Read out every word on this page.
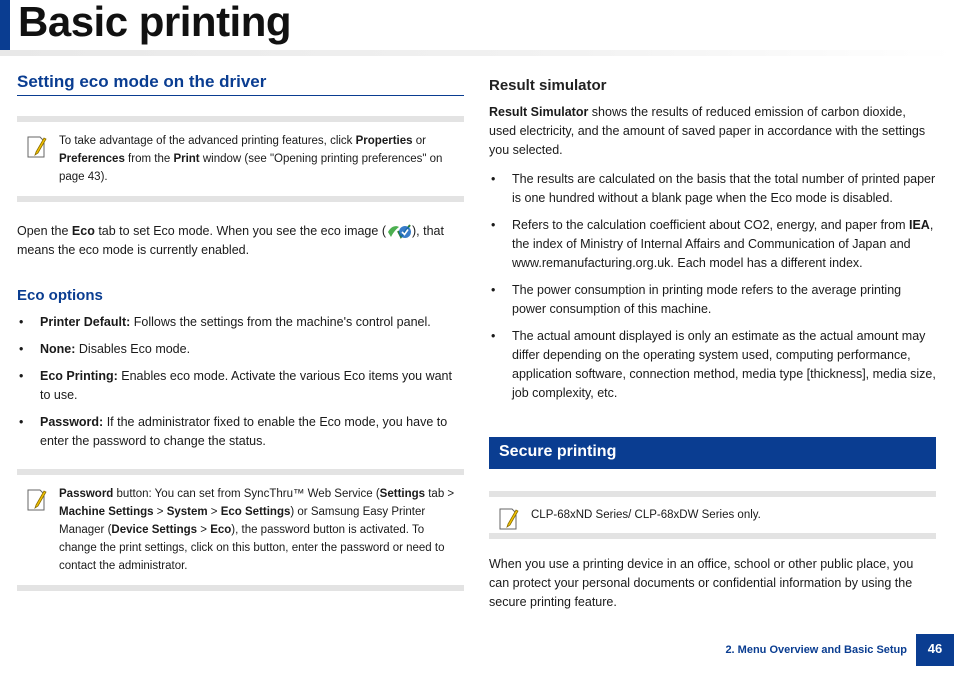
Basic printing
Setting eco mode on the driver
To take advantage of the advanced printing features, click Properties or Preferences from the Print window (see "Opening printing preferences" on page 43).

Open the Eco tab to set Eco mode. When you see the eco image ( ), that means the eco mode is currently enabled.

Eco options
• Printer Default: Follows the settings from the machine's control panel.
• None: Disables Eco mode.
• Eco Printing: Enables eco mode. Activate the various Eco items you want to use.
• Password: If the administrator fixed to enable the Eco mode, you have to enter the password to change the status.
Password button: You can set from SyncThru™ Web Service (Settings tab > Machine Settings > System > Eco Settings) or Samsung Easy Printer Manager (Device Settings > Eco), the password button is activated. To change the print settings, click on this button, enter the password or need to contact the administrator.
Result simulator

Result Simulator shows the results of reduced emission of carbon dioxide, used electricity, and the amount of saved paper in accordance with the settings you selected.

• The results are calculated on the basis that the total number of printed paper is one hundred without a blank page when the Eco mode is disabled.
• Refers to the calculation coefficient about CO2, energy, and paper from IEA, the index of Ministry of Internal Affairs and Communication of Japan and www.remanufacturing.org.uk. Each model has a different index.
• The power consumption in printing mode refers to the average printing power consumption of this machine.
• The actual amount displayed is only an estimate as the actual amount may differ depending on the operating system used, computing performance, application software, connection method, media type [thickness], media size, job complexity, etc.
Secure printing
CLP-68xND Series/ CLP-68xDW Series only.

When you use a printing device in an office, school or other public place, you can protect your personal documents or confidential information by using the secure printing feature.

2. Menu Overview and Basic Setup	46
